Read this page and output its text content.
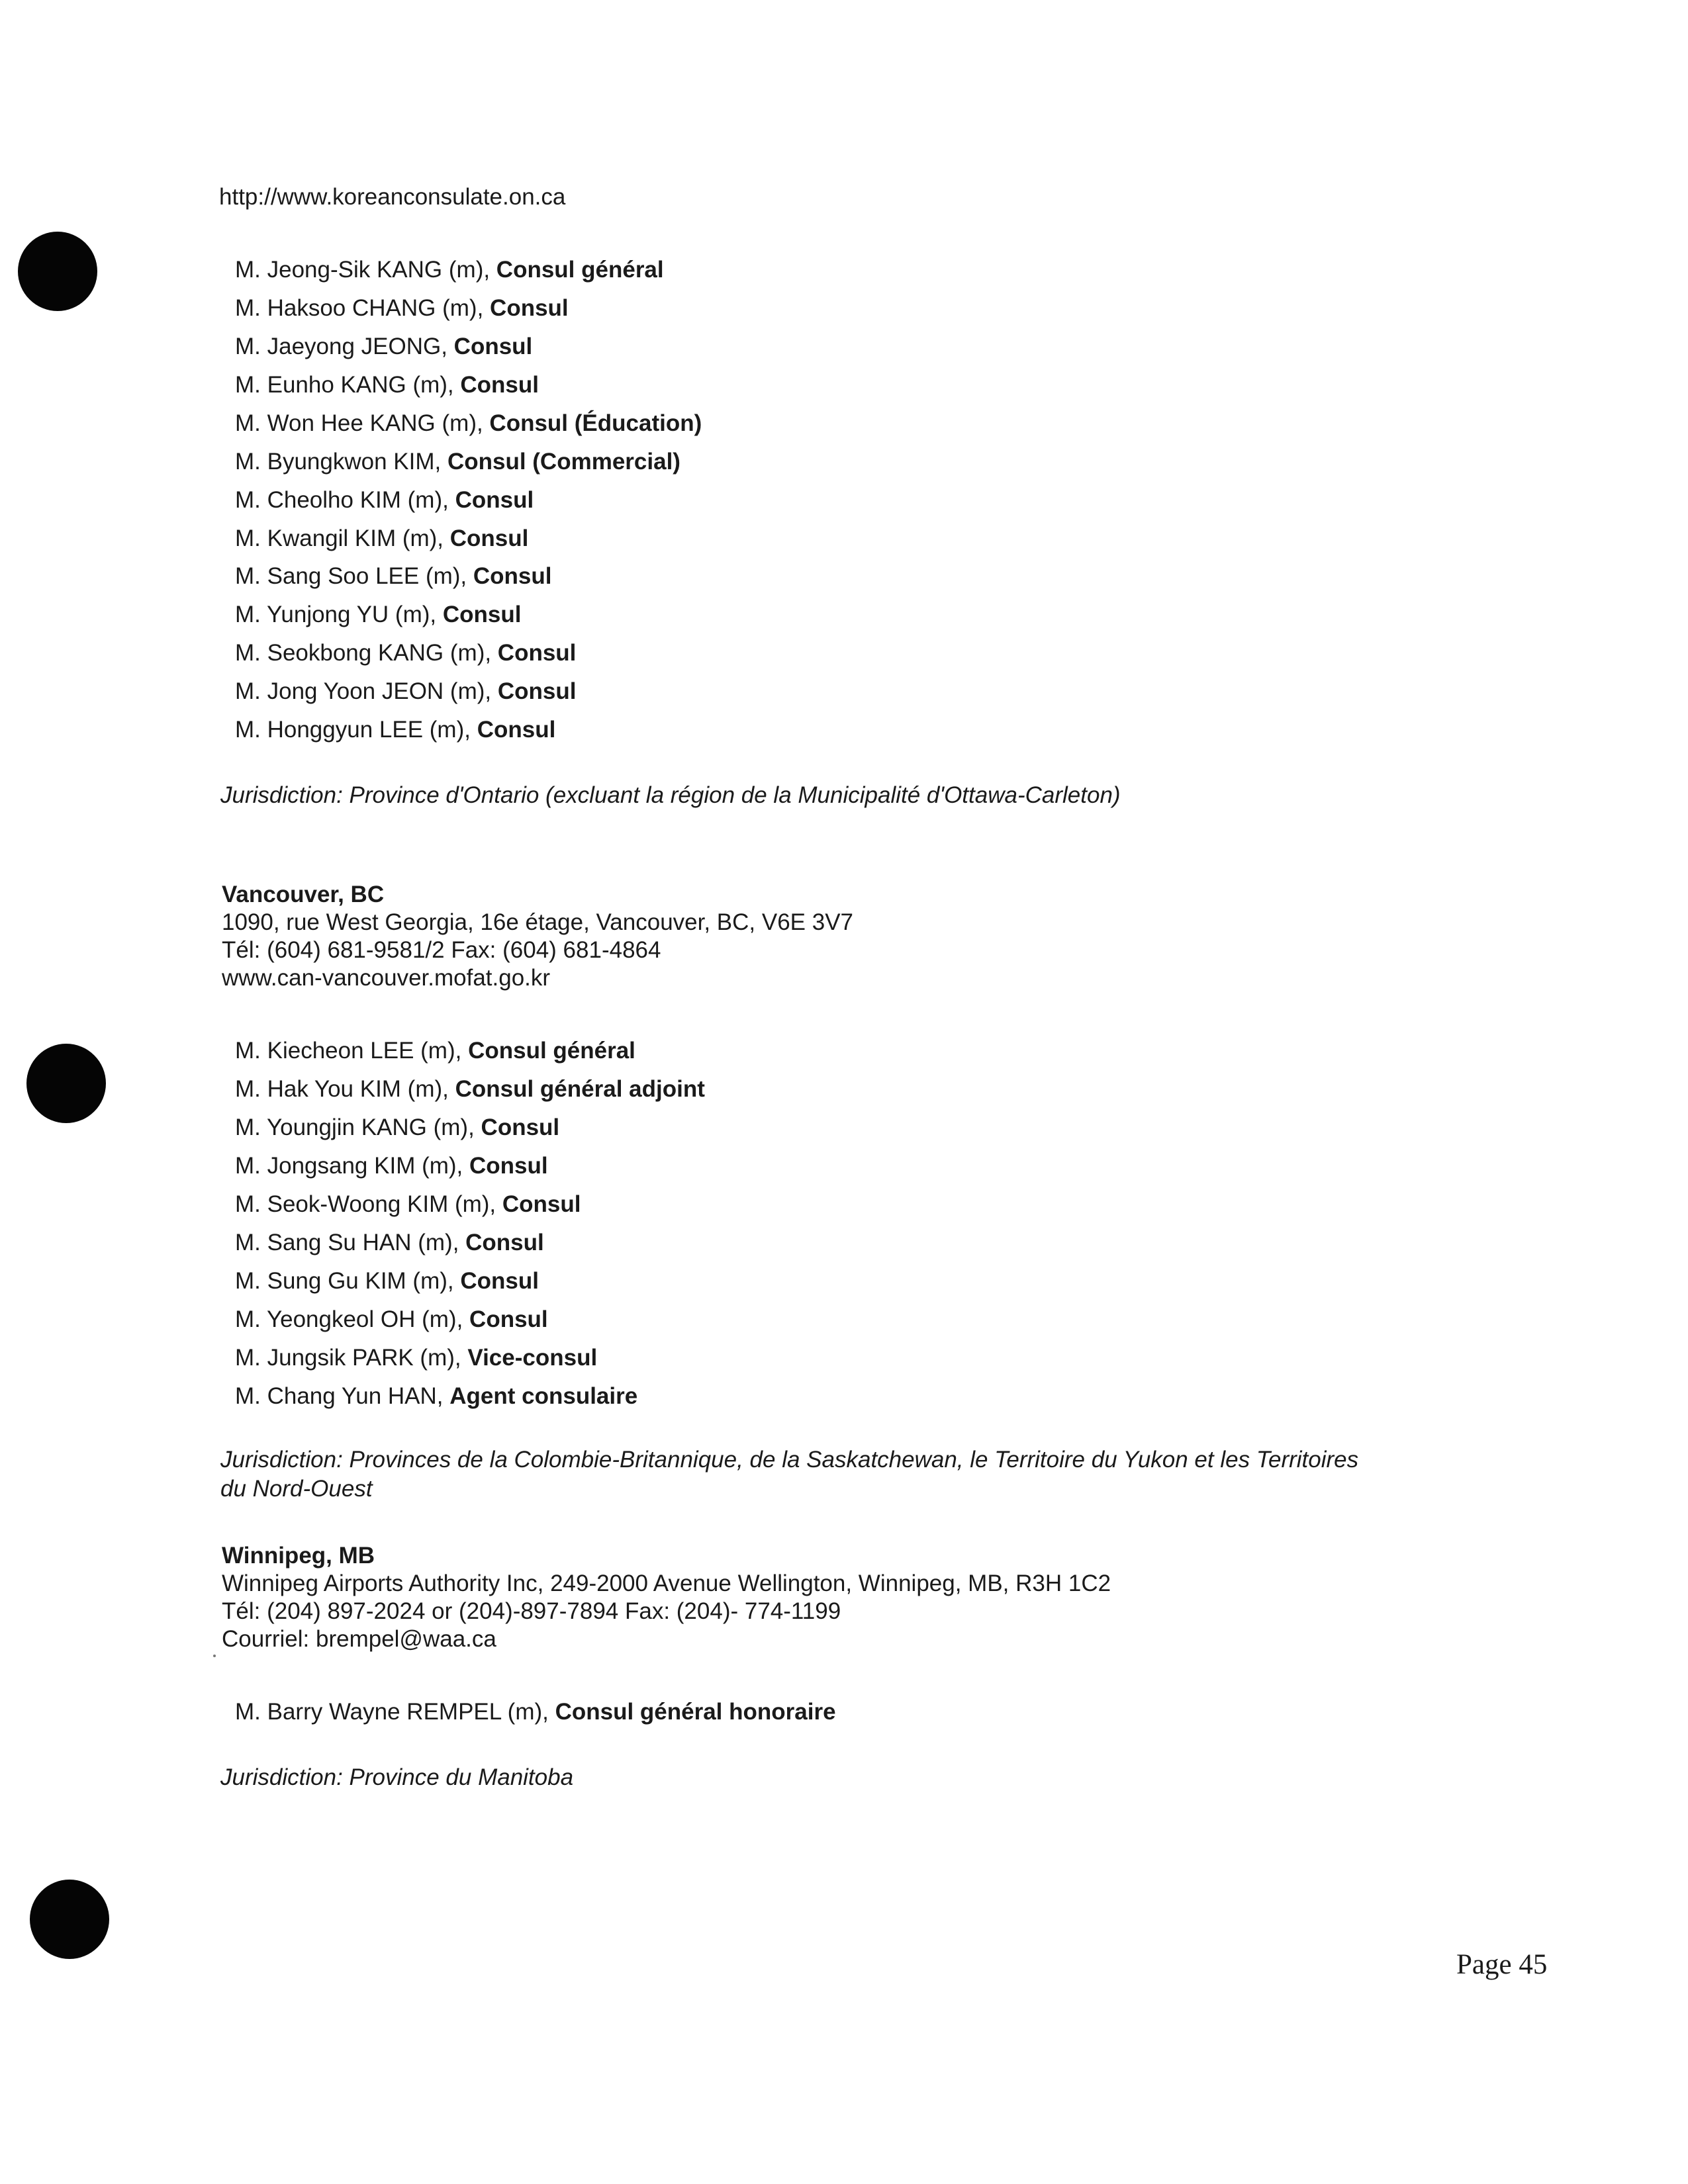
http://www.koreanconsulate.on.ca
M. Jeong-Sik KANG (m), Consul général
M. Haksoo CHANG (m), Consul
M. Jaeyong JEONG, Consul
M. Eunho KANG (m), Consul
M. Won Hee KANG (m), Consul (Éducation)
M. Byungkwon KIM, Consul (Commercial)
M. Cheolho KIM (m), Consul
M. Kwangil KIM (m), Consul
M. Sang Soo LEE (m), Consul
M. Yunjong YU (m), Consul
M. Seokbong KANG (m), Consul
M. Jong Yoon JEON (m), Consul
M. Honggyun LEE (m), Consul
Jurisdiction: Province d'Ontario (excluant la région de la Municipalité d'Ottawa-Carleton)
Vancouver, BC
1090, rue West Georgia, 16e étage, Vancouver, BC, V6E 3V7
Tél: (604) 681-9581/2 Fax: (604) 681-4864
www.can-vancouver.mofat.go.kr
M. Kiecheon LEE (m), Consul général
M. Hak You KIM (m), Consul général adjoint
M. Youngjin KANG (m), Consul
M. Jongsang KIM (m), Consul
M. Seok-Woong KIM (m), Consul
M. Sang Su HAN (m), Consul
M. Sung Gu KIM (m), Consul
M. Yeongkeol OH (m), Consul
M. Jungsik PARK (m), Vice-consul
M. Chang Yun HAN, Agent consulaire
Jurisdiction: Provinces de la Colombie-Britannique, de la Saskatchewan, le Territoire du Yukon et les Territoires
du Nord-Ouest
Winnipeg, MB
Winnipeg Airports Authority Inc, 249-2000 Avenue Wellington, Winnipeg, MB, R3H 1C2
Tél: (204) 897-2024 or (204)-897-7894 Fax: (204)- 774-1199
Courriel: brempel@waa.ca
M. Barry Wayne REMPEL (m), Consul général honoraire
Jurisdiction: Province du Manitoba
Page 45
